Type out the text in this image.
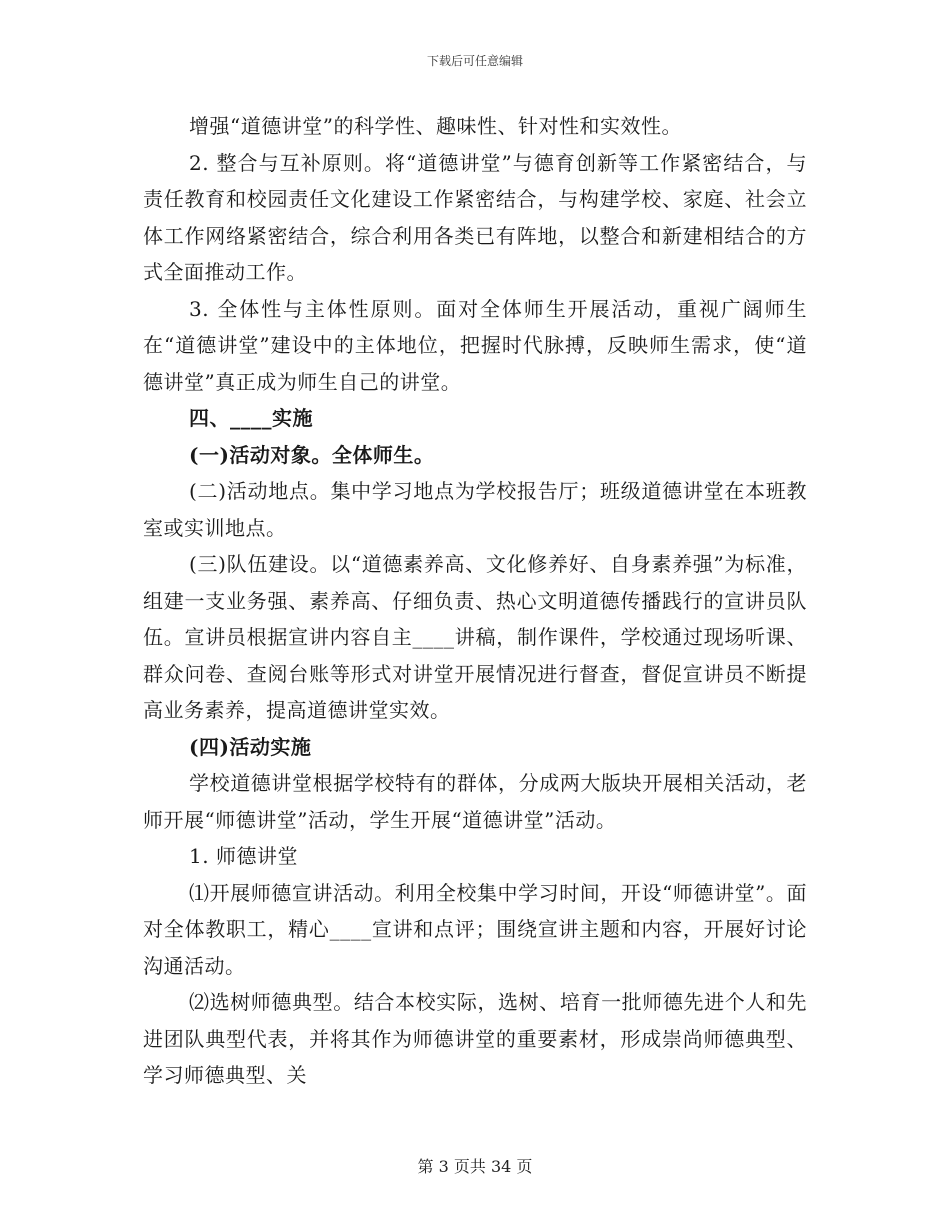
下载后可任意编辑

增强“道德讲堂”的科学性、趣味性、针对性和实效性。

2. 整合与互补原则。将“道德讲堂”与德育创新等工作紧密结合，与责任教育和校园责任文化建设工作紧密结合，与构建学校、家庭、社会立体工作网络紧密结合，综合利用各类已有阵地，以整合和新建相结合的方式全面推动工作。

3. 全体性与主体性原则。面对全体师生开展活动，重视广阔师生在“道德讲堂”建设中的主体地位，把握时代脉搏，反映师生需求，使“道德讲堂”真正成为师生自己的讲堂。

四、____实施

(一)活动对象。全体师生。

(二)活动地点。集中学习地点为学校报告厅；班级道德讲堂在本班教室或实训地点。

(三)队伍建设。以“道德素养高、文化修养好、自身素养强”为标准，组建一支业务强、素养高、仔细负责、热心文明道德传播践行的宣讲员队伍。宣讲员根据宣讲内容自主____讲稿，制作课件，学校通过现场听课、群众问卷、查阅台账等形式对讲堂开展情况进行督查，督促宣讲员不断提高业务素养，提高道德讲堂实效。

(四)活动实施

学校道德讲堂根据学校特有的群体，分成两大版块开展相关活动，老师开展“师德讲堂”活动，学生开展“道德讲堂”活动。

1. 师德讲堂

⑴开展师德宣讲活动。利用全校集中学习时间，开设“师德讲堂”。面对全体教职工，精心____宣讲和点评；围绕宣讲主题和内容，开展好讨论沟通活动。

⑵选树师德典型。结合本校实际，选树、培育一批师德先进个人和先进团队典型代表，并将其作为师德讲堂的重要素材，形成崇尚师德典型、学习师德典型、关

第 3 页共 34 页
